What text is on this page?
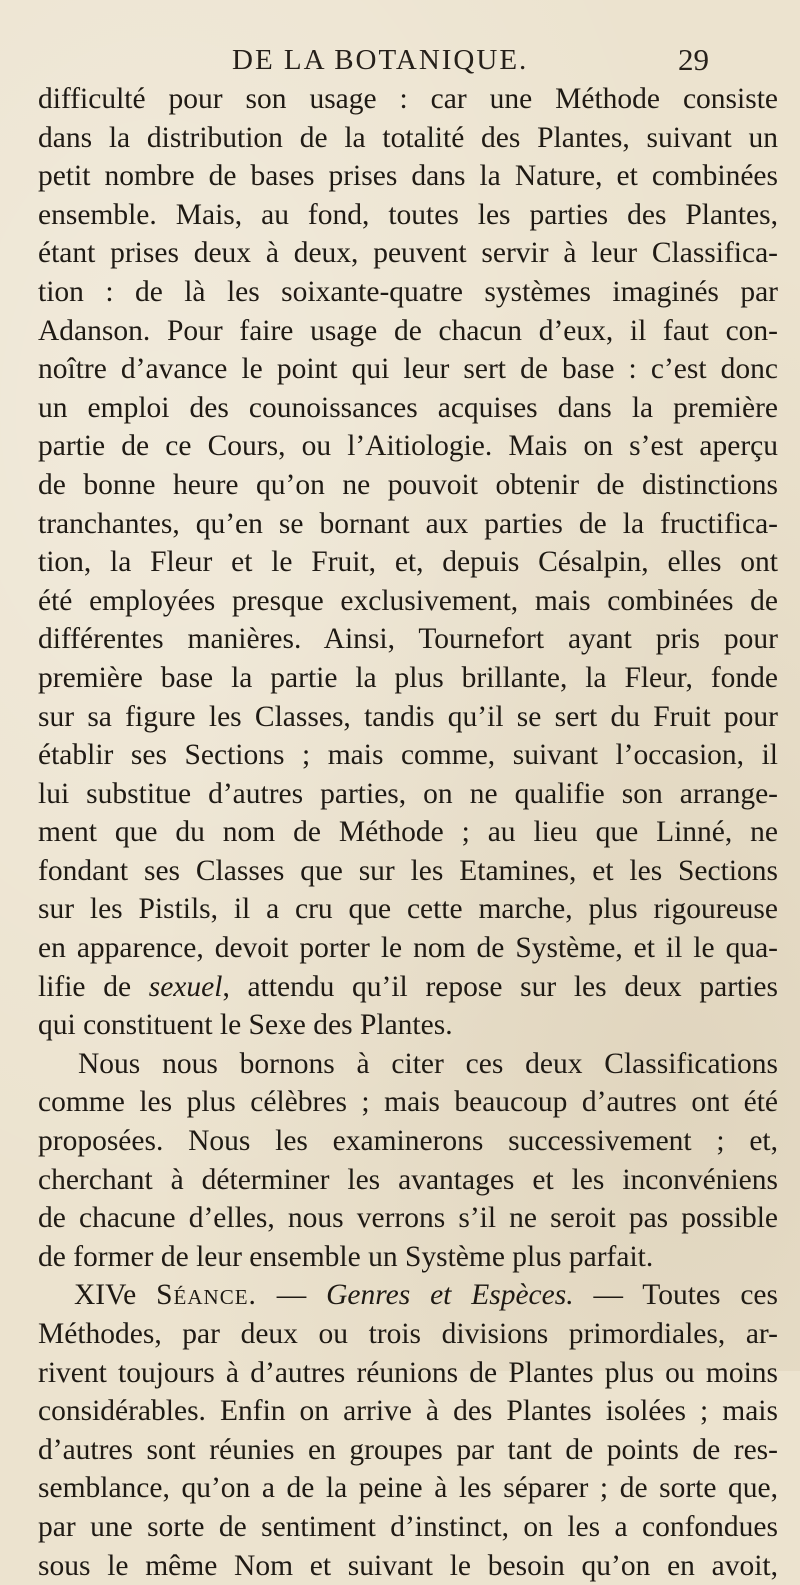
DE LA BOTANIQUE.	29
difficulté pour son usage : car une Méthode consiste
dans la distribution de la totalité des Plantes, suivant un
petit nombre de bases prises dans la Nature, et combinées
ensemble. Mais, au fond, toutes les parties des Plantes,
étant prises deux à deux, peuvent servir à leur Classifica-
tion : de là les soixante-quatre systèmes imaginés par
Adanson. Pour faire usage de chacun d’eux, il faut con-
noître d’avance le point qui leur sert de base : c’est donc
un emploi des counoissances acquises dans la première
partie de ce Cours, ou l’Aitiologie. Mais on s’est aperçu
de bonne heure qu’on ne pouvoit obtenir de distinctions
tranchantes, qu’en se bornant aux parties de la fructifica-
tion, la Fleur et le Fruit, et, depuis Césalpin, elles ont
été employées presque exclusivement, mais combinées de
différentes manières. Ainsi, Tournefort ayant pris pour
première base la partie la plus brillante, la Fleur, fonde
sur sa figure les Classes, tandis qu’il se sert du Fruit pour
établir ses Sections ; mais comme, suivant l’occasion, il
lui substitue d’autres parties, on ne qualifie son arrange-
ment que du nom de Méthode ; au lieu que Linné, ne
fondant ses Classes que sur les Etamines, et les Sections
sur les Pistils, il a cru que cette marche, plus rigoureuse
en apparence, devoit porter le nom de Système, et il le qua-
lifie de sexuel, attendu qu’il repose sur les deux parties
qui constituent le Sexe des Plantes.
Nous nous bornons à citer ces deux Classifications
comme les plus célèbres ; mais beaucoup d’autres ont été
proposées. Nous les examinerons successivement ; et,
cherchant à déterminer les avantages et les inconvéniens
de chacune d’elles, nous verrons s’il ne seroit pas possible
de former de leur ensemble un Système plus parfait.
XIVe Séance. — Genres et Espèces. — Toutes ces
Méthodes, par deux ou trois divisions primordiales, ar-
rivent toujours à d’autres réunions de Plantes plus ou moins
considérables. Enfin on arrive à des Plantes isolées ; mais
d’autres sont réunies en groupes par tant de points de res-
semblance, qu’on a de la peine à les séparer ; de sorte que,
par une sorte de sentiment d’instinct, on les a confondues
sous le même Nom et suivant le besoin qu’on en avoit,
